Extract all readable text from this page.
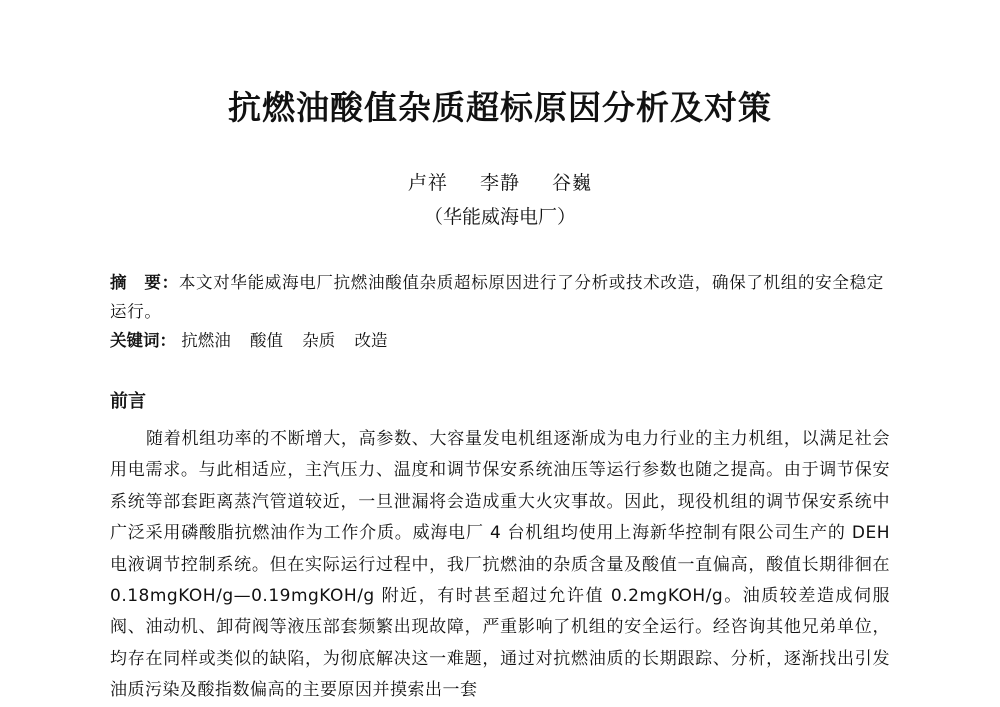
抗燃油酸值杂质超标原因分析及对策
卢祥 李静 谷巍
（华能威海电厂）
摘　要：本文对华能威海电厂抗燃油酸值杂质超标原因进行了分析或技术改造，确保了机组的安全稳定运行。
关键词： 抗燃油 酸值 杂质 改造
前言

随着机组功率的不断增大，高参数、大容量发电机组逐渐成为电力行业的主力机组，以满足社会用电需求。与此相适应，主汽压力、温度和调节保安系统油压等运行参数也随之提高。由于调节保安系统等部套距离蒸汽管道较近，一旦泄漏将会造成重大火灾事故。因此，现役机组的调节保安系统中广泛采用磷酸脂抗燃油作为工作介质。威海电厂 4 台机组均使用上海新华控制有限公司生产的 DEH 电液调节控制系统。但在实际运行过程中，我厂抗燃油的杂质含量及酸值一直偏高，酸值长期徘徊在 0.18mgKOH/g—0.19mgKOH/g 附近，有时甚至超过允许值 0.2mgKOH/g。油质较差造成伺服阀、油动机、卸荷阀等液压部套频繁出现故障，严重影响了机组的安全运行。经咨询其他兄弟单位，均存在同样或类似的缺陷，为彻底解决这一难题，通过对抗燃油质的长期跟踪、分析，逐渐找出引发油质污染及酸指数偏高的主要原因并摸索出一套
